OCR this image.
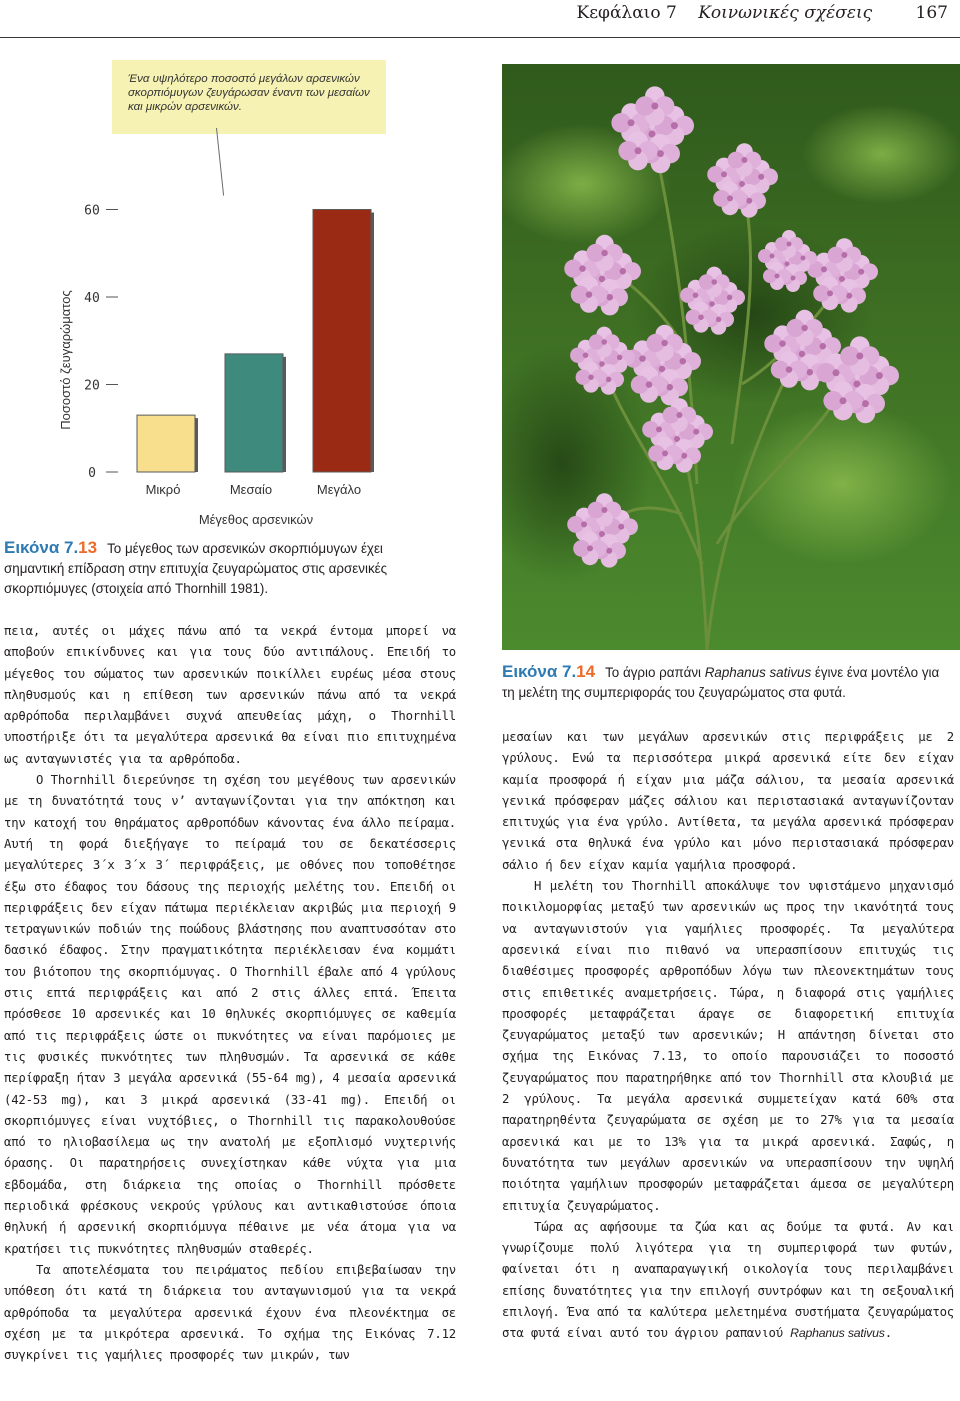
Κεφάλαιο 7 Κοινωνικές σχέσεις	167
Ένα υψηλότερο ποσοστό μεγάλων αρσενικών σκορπιόμυγων ζευγάρωσαν έναντι των μεσαίων και μικρών αρσενικών.
0
20
40
60
Μικρό	Μεσαίο	Μεγάλο
Ποσοστό ζευγαρώματος
Μέγεθος αρσενικών
Εικόνα 7.13 Το μέγεθος των αρσενικών σκορπιόμυγων έχει σημαντική επίδραση στην επιτυχία ζευγαρώματος στις αρσενικές σκορπιόμυγες (στοιχεία από Thornhill 1981).
Εικόνα 7.14 Το άγριο ραπάνι Raphanus sativus έγινε ένα μοντέλο για τη μελέτη της συμπεριφοράς του ζευγαρώματος στα φυτά.

πεια, αυτές οι μάχες πάνω από τα νεκρά έντομα μπορεί να αποβούν επικίνδυνες και για τους δύο αντιπάλους. Επειδή το μέγεθος του σώματος των αρσενικών ποικίλλει ευρέως μέσα στους πληθυσμούς και η επίθεση των αρσενικών πάνω από τα νεκρά αρθρόποδα περιλαμβάνει συχνά απευθείας μάχη, ο Thornhill υποστήριξε ότι τα μεγαλύτερα αρσενικά θα είναι πιο επιτυχημένα ως ανταγωνιστές για τα αρθρόποδα.

Ο Thornhill διερεύνησε τη σχέση του μεγέθους των αρσενικών με τη δυνατότητά τους ν’ ανταγωνίζονται για την απόκτηση και την κατοχή του θηράματος αρθροπόδων κάνοντας ένα άλλο πείραμα. Αυτή τη φορά διεξήγαγε το πείραμά του σε δεκατέσσερις μεγαλύτερες 3΄x 3΄x 3΄ περιφράξεις, με οθόνες που τοποθέτησε έξω στο έδαφος του δάσους της περιοχής μελέτης του. Επειδή οι περιφράξεις δεν είχαν πάτωμα περιέκλειαν ακριβώς μια περιοχή 9 τετραγωνικών ποδιών της ποώδους βλάστησης που αναπτυσσόταν στο δασικό έδαφος. Στην πραγματικότητα περιέκλεισαν ένα κομμάτι του βιότοπου της σκορπιόμυγας. Ο Thornhill έβαλε από 4 γρύλους στις επτά περιφράξεις και από 2 στις άλλες επτά. Έπειτα πρόσθεσε 10 αρσενικές και 10 θηλυκές σκορπιόμυγες σε καθεμία από τις περιφράξεις ώστε οι πυκνότητες να είναι παρόμοιες με τις φυσικές πυκνότητες των πληθυσμών. Τα αρσενικά σε κάθε περίφραξη ήταν 3 μεγάλα αρσενικά (55-64 mg), 4 μεσαία αρσενικά (42-53 mg), και 3 μικρά αρσενικά (33-41 mg). Επειδή οι σκορπιόμυγες είναι νυχτόβιες, ο Thornhill τις παρακολουθούσε από το ηλιοβασίλεμα ως την ανατολή με εξοπλισμό νυχτερινής όρασης. Οι παρατηρήσεις συνεχίστηκαν κάθε νύχτα για μια εβδομάδα, στη διάρκεια της οποίας ο Thornhill πρόσθετε περιοδικά φρέσκους νεκρούς γρύλους και αντικαθιστούσε όποια θηλυκή ή αρσενική σκορπιόμυγα πέθαινε με νέα άτομα για να κρατήσει τις πυκνότητες πληθυσμών σταθερές.

Τα αποτελέσματα του πειράματος πεδίου επιβεβαίωσαν την υπόθεση ότι κατά τη διάρκεια του ανταγωνισμού για τα νεκρά αρθρόποδα τα μεγαλύτερα αρσενικά έχουν ένα πλεονέκτημα σε σχέση με τα μικρότερα αρσενικά. Το σχήμα της Εικόνας 7.12 συγκρίνει τις γαμήλιες προσφορές των μικρών, των

μεσαίων και των μεγάλων αρσενικών στις περιφράξεις με 2 γρύλους. Ενώ τα περισσότερα μικρά αρσενικά είτε δεν είχαν καμία προσφορά ή είχαν μια μάζα σάλιου, τα μεσαία αρσενικά γενικά πρόσφεραν μάζες σάλιου και περιστασιακά ανταγωνίζονταν επιτυχώς για ένα γρύλο. Αντίθετα, τα μεγάλα αρσενικά πρόσφεραν γενικά στα θηλυκά ένα γρύλο και μόνο περιστασιακά πρόσφεραν σάλιο ή δεν είχαν καμία γαμήλια προσφορά.

Η μελέτη του Thornhill αποκάλυψε τον υφιστάμενο μηχανισμό ποικιλομορφίας μεταξύ των αρσενικών ως προς την ικανότητά τους να ανταγωνιστούν για γαμήλιες προσφορές. Τα μεγαλύτερα αρσενικά είναι πιο πιθανό να υπερασπίσουν επιτυχώς τις διαθέσιμες προσφορές αρθροπόδων λόγω των πλεονεκτημάτων τους στις επιθετικές αναμετρήσεις. Τώρα, η διαφορά στις γαμήλιες προσφορές μεταφράζεται άραγε σε διαφορετική επιτυχία ζευγαρώματος μεταξύ των αρσενικών; Η απάντηση δίνεται στο σχήμα της Εικόνας 7.13, το οποίο παρουσιάζει το ποσοστό ζευγαρώματος που παρατηρήθηκε από τον Thornhill στα κλουβιά με 2 γρύλους. Τα μεγάλα αρσενικά συμμετείχαν κατά 60% στα παρατηρηθέντα ζευγαρώματα σε σχέση με το 27% για τα μεσαία αρσενικά και με το 13% για τα μικρά αρσενικά. Σαφώς, η δυνατότητα των μεγάλων αρσενικών να υπερασπίσουν την υψηλή ποιότητα γαμήλιων προσφορών μεταφράζεται άμεσα σε μεγαλύτερη επιτυχία ζευγαρώματος.

Τώρα ας αφήσουμε τα ζώα και ας δούμε τα φυτά. Αν και γνωρίζουμε πολύ λιγότερα για τη συμπεριφορά των φυτών, φαίνεται ότι η αναπαραγωγική οικολογία τους περιλαμβάνει επίσης δυνατότητες για την επιλογή συντρόφων και τη σεξουαλική επιλογή. Ένα από τα καλύτερα μελετημένα συστήματα ζευγαρώματος στα φυτά είναι αυτό του άγριου ραπανιού Raphanus sativus.
